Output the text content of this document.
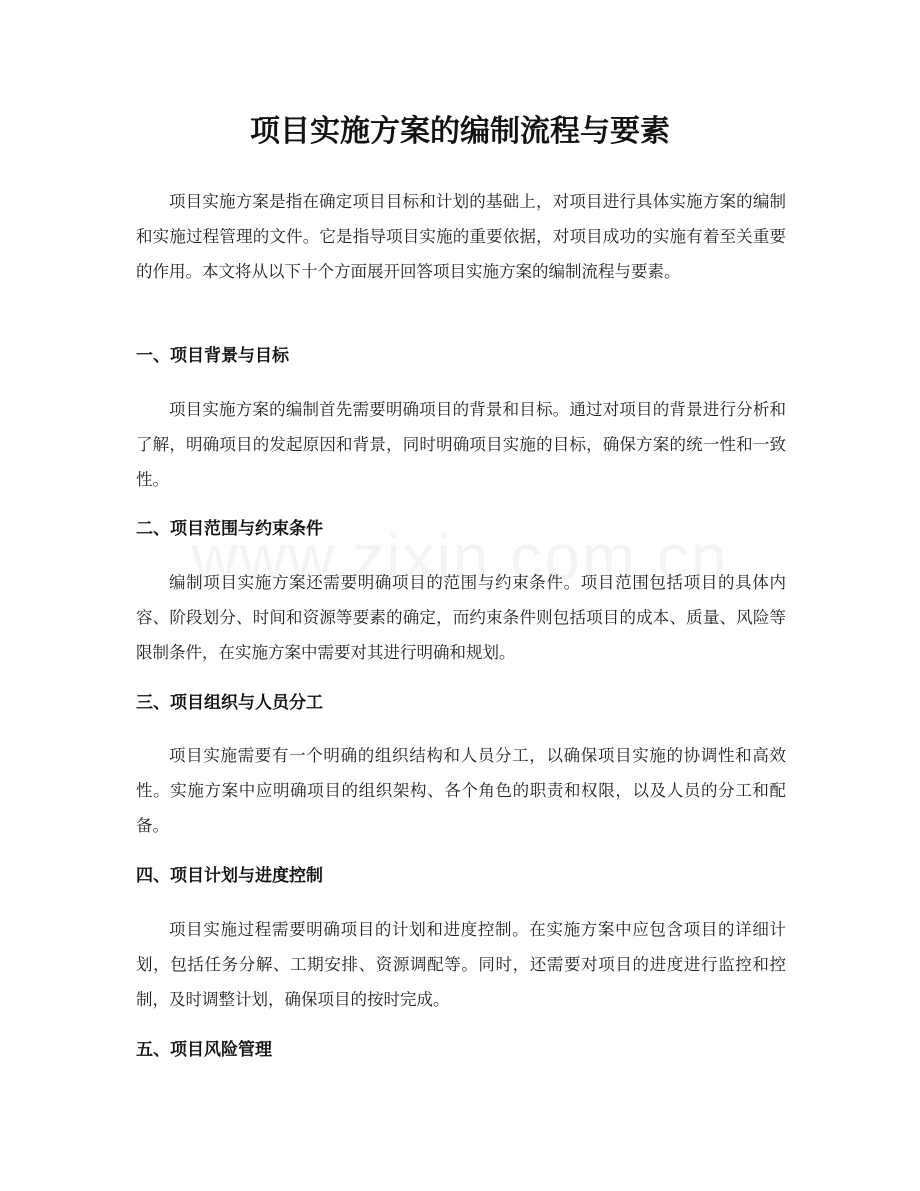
项目实施方案的编制流程与要素

项目实施方案是指在确定项目目标和计划的基础上，对项目进行具体实施方案的编制和实施过程管理的文件。它是指导项目实施的重要依据，对项目成功的实施有着至关重要的作用。本文将从以下十个方面展开回答项目实施方案的编制流程与要素。

一、项目背景与目标

项目实施方案的编制首先需要明确项目的背景和目标。通过对项目的背景进行分析和了解，明确项目的发起原因和背景，同时明确项目实施的目标，确保方案的统一性和一致性。

二、项目范围与约束条件

编制项目实施方案还需要明确项目的范围与约束条件。项目范围包括项目的具体内容、阶段划分、时间和资源等要素的确定，而约束条件则包括项目的成本、质量、风险等限制条件，在实施方案中需要对其进行明确和规划。

三、项目组织与人员分工

项目实施需要有一个明确的组织结构和人员分工，以确保项目实施的协调性和高效性。实施方案中应明确项目的组织架构、各个角色的职责和权限，以及人员的分工和配备。

四、项目计划与进度控制

项目实施过程需要明确项目的计划和进度控制。在实施方案中应包含项目的详细计划，包括任务分解、工期安排、资源调配等。同时，还需要对项目的进度进行监控和控制，及时调整计划，确保项目的按时完成。

五、项目风险管理
